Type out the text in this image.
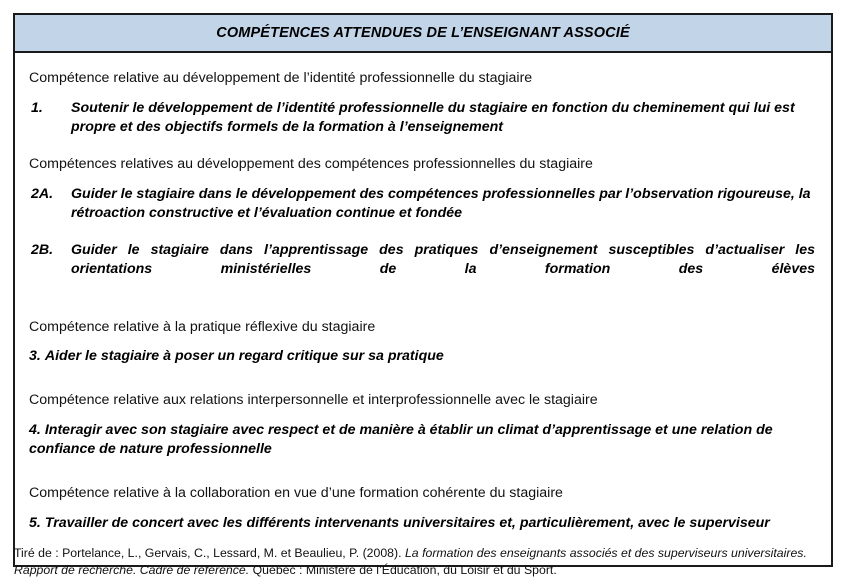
COMPÉTENCES ATTENDUES DE L’ENSEIGNANT ASSOCIÉ

Compétence relative au développement de l’identité professionnelle du stagiaire

1.	Soutenir le développement de l’identité professionnelle du stagiaire en fonction du cheminement qui lui est propre et des objectifs formels de la formation à l’enseignement

Compétences relatives au développement des compétences professionnelles du stagiaire

2A.	Guider le stagiaire dans le développement des compétences professionnelles par l’observation rigoureuse, la rétroaction constructive et l’évaluation continue et fondée

2B.	Guider le stagiaire dans l’apprentissage des pratiques d’enseignement susceptibles d’actualiser les orientations ministérielles de la formation des élèves

Compétence relative à la pratique réflexive du stagiaire

3. Aider le stagiaire à poser un regard critique sur sa pratique

Compétence relative aux relations interpersonnelle et interprofessionnelle avec le stagiaire

4. Interagir avec son stagiaire avec respect et de manière à établir un climat d’apprentissage et une relation de confiance de nature professionnelle

Compétence relative à la collaboration en vue d’une formation cohérente du stagiaire

5. Travailler de concert avec les différents intervenants universitaires et, particulièrement, avec le superviseur

Tiré de : Portelance, L., Gervais, C., Lessard, M. et Beaulieu, P. (2008). La formation des enseignants associés et des superviseurs universitaires. Rapport de recherche. Cadre de référence. Québec : Ministère de l’Éducation, du Loisir et du Sport.
